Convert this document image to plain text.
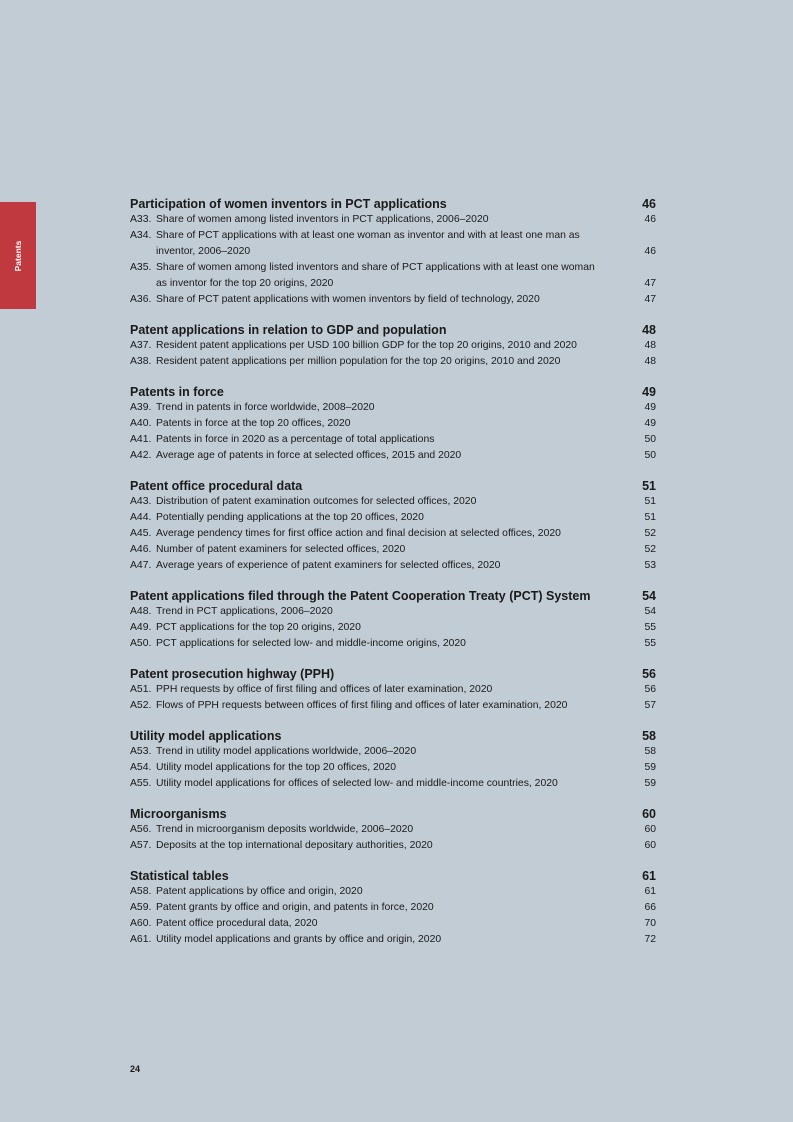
Patents
Participation of women inventors in PCT applications	46
A33. Share of women among listed inventors in PCT applications, 2006–2020	46
A34. Share of PCT applications with at least one woman as inventor and with at least one man as inventor, 2006–2020	46
A35. Share of women among listed inventors and share of PCT applications with at least one woman as inventor for the top 20 origins, 2020	47
A36. Share of PCT patent applications with women inventors by field of technology, 2020	47
Patent applications in relation to GDP and population	48
A37. Resident patent applications per USD 100 billion GDP for the top 20 origins, 2010 and 2020	48
A38. Resident patent applications per million population for the top 20 origins, 2010 and 2020	48
Patents in force	49
A39. Trend in patents in force worldwide, 2008–2020	49
A40. Patents in force at the top 20 offices, 2020	49
A41. Patents in force in 2020 as a percentage of total applications	50
A42. Average age of patents in force at selected offices, 2015 and 2020	50
Patent office procedural data	51
A43. Distribution of patent examination outcomes for selected offices, 2020	51
A44. Potentially pending applications at the top 20 offices, 2020	51
A45. Average pendency times for first office action and final decision at selected offices, 2020	52
A46. Number of patent examiners for selected offices, 2020	52
A47. Average years of experience of patent examiners for selected offices, 2020	53
Patent applications filed through the Patent Cooperation Treaty (PCT) System	54
A48. Trend in PCT applications, 2006–2020	54
A49. PCT applications for the top 20 origins, 2020	55
A50. PCT applications for selected low- and middle-income origins, 2020	55
Patent prosecution highway (PPH)	56
A51. PPH requests by office of first filing and offices of later examination, 2020	56
A52. Flows of PPH requests between offices of first filing and offices of later examination, 2020	57
Utility model applications	58
A53. Trend in utility model applications worldwide, 2006–2020	58
A54. Utility model applications for the top 20 offices, 2020	59
A55. Utility model applications for offices of selected low- and middle-income countries, 2020	59
Microorganisms	60
A56. Trend in microorganism deposits worldwide, 2006–2020	60
A57. Deposits at the top international depositary authorities, 2020	60
Statistical tables	61
A58. Patent applications by office and origin, 2020	61
A59. Patent grants by office and origin, and patents in force, 2020	66
A60. Patent office procedural data, 2020	70
A61. Utility model applications and grants by office and origin, 2020	72
24
